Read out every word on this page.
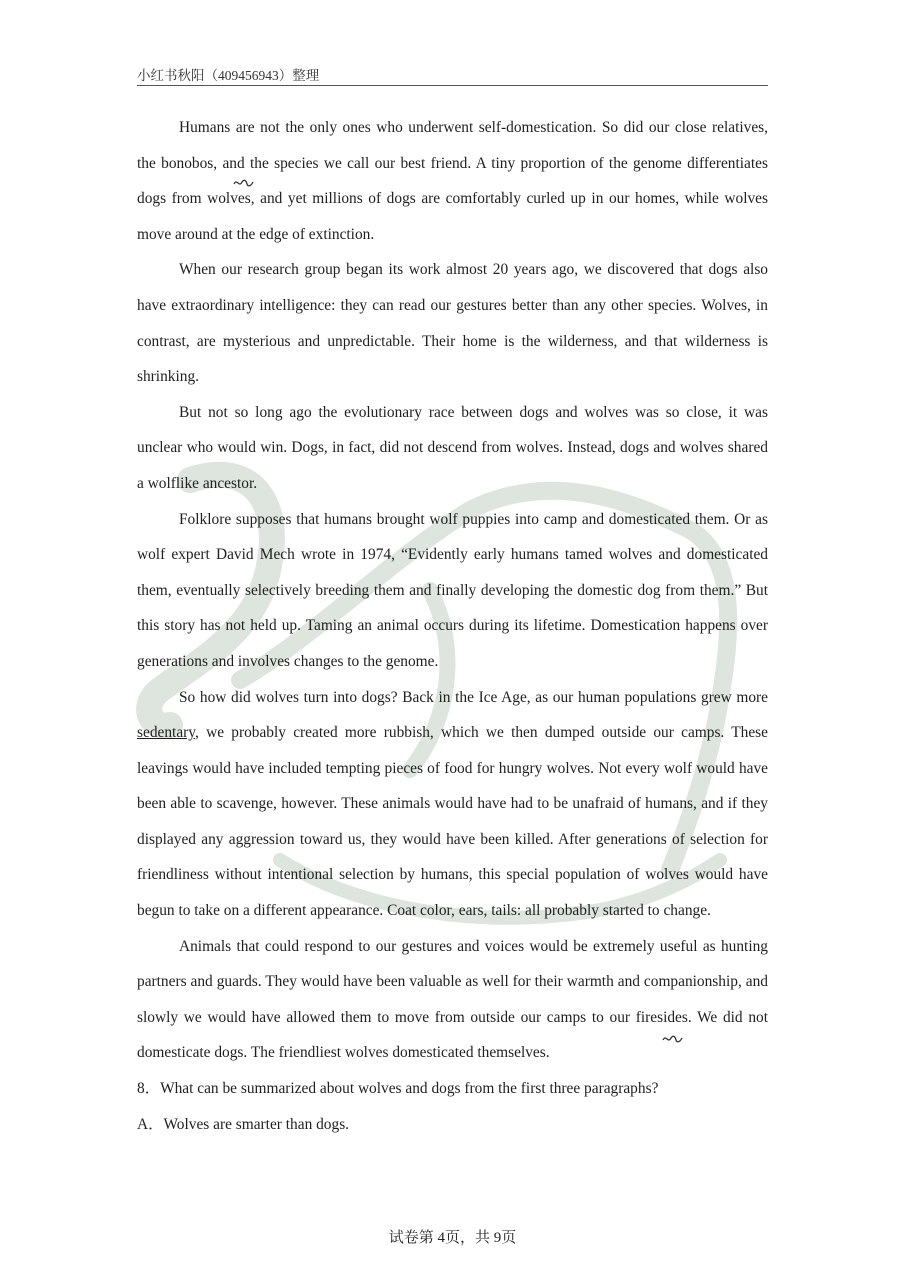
小红书秋阳（409456943）整理

Humans are not the only ones who underwent self-domestication. So did our close relatives, the bonobos, and the species we call our best friend. A tiny proportion of the genome differentiates dogs from wolves, and yet millions of dogs are comfortably curled up in our homes, while wolves move around at the edge of extinction.

When our research group began its work almost 20 years ago, we discovered that dogs also have extraordinary intelligence: they can read our gestures better than any other species. Wolves, in contrast, are mysterious and unpredictable. Their home is the wilderness, and that wilderness is shrinking.

But not so long ago the evolutionary race between dogs and wolves was so close, it was unclear who would win. Dogs, in fact, did not descend from wolves. Instead, dogs and wolves shared a wolflike ancestor.

Folklore supposes that humans brought wolf puppies into camp and domesticated them. Or as wolf expert David Mech wrote in 1974, “Evidently early humans tamed wolves and domesticated them, eventually selectively breeding them and finally developing the domestic dog from them.” But this story has not held up. Taming an animal occurs during its lifetime. Domestication happens over generations and involves changes to the genome.

So how did wolves turn into dogs? Back in the Ice Age, as our human populations grew more sedentary, we probably created more rubbish, which we then dumped outside our camps. These leavings would have included tempting pieces of food for hungry wolves. Not every wolf would have been able to scavenge, however. These animals would have had to be unafraid of humans, and if they displayed any aggression toward us, they would have been killed. After generations of selection for friendliness without intentional selection by humans, this special population of wolves would have begun to take on a different appearance. Coat color, ears, tails: all probably started to change.

Animals that could respond to our gestures and voices would be extremely useful as hunting partners and guards. They would have been valuable as well for their warmth and companionship, and slowly we would have allowed them to move from outside our camps to our firesides. We did not domesticate dogs. The friendliest wolves domesticated themselves.

8．What can be summarized about wolves and dogs from the first three paragraphs?

A．Wolves are smarter than dogs.

试卷第 4页，共 9页
